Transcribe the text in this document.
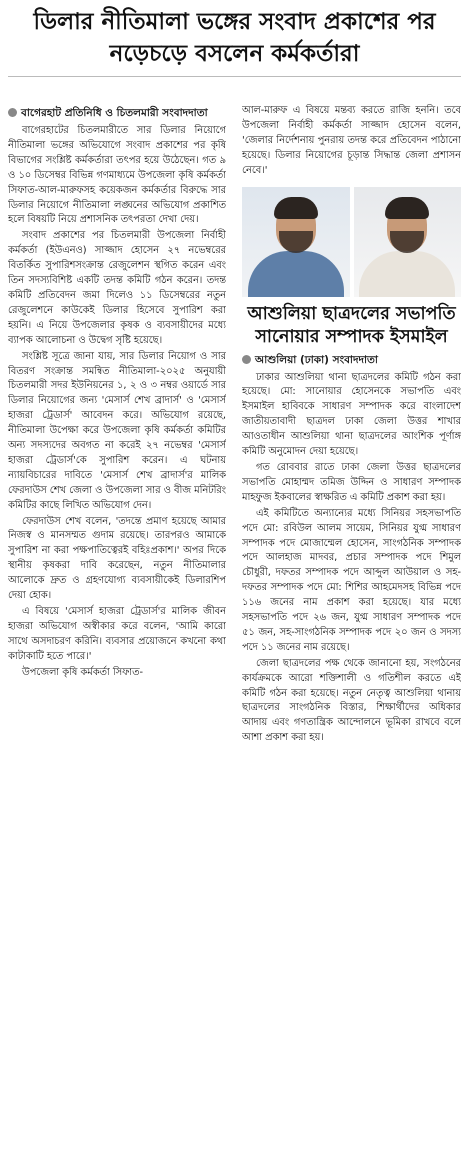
ডিলার নীতিমালা ভঙ্গের সংবাদ প্রকাশের পর নড়েচড়ে বসলেন কর্মকর্তারা
বাগেরহাট প্রতিনিধি ও চিতলমারী সংবাদদাতা

বাগেরহাটের চিতলমারীতে সার ডিলার নিয়োগে নীতিমালা ভঙ্গের অভিযোগে সংবাদ প্রকাশের পর কৃষি বিভাগের সংশ্লিষ্ট কর্মকর্তারা তৎপর হয়ে উঠেছেন। গত ৯ ও ১০ ডিসেম্বর বিভিন্ন গণমাধ্যমে উপজেলা কৃষি কর্মকর্তা সিফাত-আল-মারুফসহ কয়েকজন কর্মকর্তার বিরুদ্ধে সার ডিলার নিয়োগে নীতিমালা লঙ্ঘনের অভিযোগ প্রকাশিত হলে বিষয়টি নিয়ে প্রশাসনিক তৎপরতা দেখা দেয়।

সংবাদ প্রকাশের পর চিতলমারী উপজেলা নির্বাহী কর্মকর্তা (ইউএনও) সাজ্জাদ হোসেন ২৭ নভেম্বরের বিতর্কিত সুপারিশসংক্রান্ত রেজুলেশন স্থগিত করেন এবং তিন সদস্যবিশিষ্ট একটি তদন্ত কমিটি গঠন করেন। তদন্ত কমিটি প্রতিবেদন জমা দিলেও ১১ ডিসেম্বরের নতুন রেজুলেশনে কাউকেই ডিলার হিসেবে সুপারিশ করা হয়নি। এ নিয়ে উপজেলার কৃষক ও ব্যবসায়ীদের মধ্যে ব্যাপক আলোচনা ও উদ্বেগ সৃষ্টি হয়েছে।

সংশ্লিষ্ট সূত্রে জানা যায়, সার ডিলার নিয়োগ ও সার বিতরণ সংক্রান্ত সমন্বিত নীতিমালা-২০২৫ অনুযায়ী চিতলমারী সদর ইউনিয়নের ১, ২ ও ৩ নম্বর ওয়ার্ডে সার ডিলার নিয়োগের জন্য 'মেসার্স শেখ ব্রাদার্স' ও 'মেসার্স হাজরা ট্রেডার্স' আবেদন করে। অভিযোগ রয়েছে, নীতিমালা উপেক্ষা করে উপজেলা কৃষি কর্মকর্তা কমিটির অন্য সদস্যদের অবগত না করেই ২৭ নভেম্বর 'মেসার্স হাজরা ট্রেডার্স'কে সুপারিশ করেন। এ ঘটনায় ন্যায়বিচারের দাবিতে 'মেসার্স শেখ ব্রাদার্স'র মালিক ফেরদাউস শেখ জেলা ও উপজেলা সার ও বীজ মনিটরিং কমিটির কাছে লিখিত অভিযোগ দেন।

ফেরদাউস শেখ বলেন, 'তদন্তে প্রমাণ হয়েছে আমার নিজস্ব ও মানসম্মত গুদাম রয়েছে। তারপরও আমাকে সুপারিশ না করা পক্ষপাতিত্বেরই বহিঃপ্রকাশ।' অপর দিকে স্থানীয় কৃষকরা দাবি করেছেন, নতুন নীতিমালার আলোকে দ্রুত ও গ্রহণযোগ্য ব্যবসায়ীকেই ডিলারশিপ দেয়া হোক।

এ বিষয়ে 'মেসার্স হাজরা ট্রেডার্স'র মালিক জীবন হাজরা অভিযোগ অস্বীকার করে বলেন, 'আমি কারো সাথে অসদাচরণ করিনি। ব্যবসার প্রয়োজনে কখনো কথা কাটাকাটি হতে পারে।'

উপজেলা কৃষি কর্মকর্তা সিফাত-

আল-মারুফ এ বিষয়ে মন্তব্য করতে রাজি হননি। তবে উপজেলা নির্বাহী কর্মকর্তা সাজ্জাদ হোসেন বলেন, 'জেলার নির্দেশনায় পুনরায় তদন্ত করে প্রতিবেদন পাঠানো হয়েছে। ডিলার নিয়োগের চূড়ান্ত সিদ্ধান্ত জেলা প্রশাসন নেবে।'

আশুলিয়া ছাত্রদলের সভাপতি সানোয়ার সম্পাদক ইসমাইল
আশুলিয়া (ঢাকা) সংবাদদাতা

ঢাকার আশুলিয়া থানা ছাত্রদলের কমিটি গঠন করা হয়েছে। মো: সানোয়ার হোসেনকে সভাপতি এবং ইসমাইল হাবিবকে সাধারণ সম্পাদক করে বাংলাদেশ জাতীয়তাবাদী ছাত্রদল ঢাকা জেলা উত্তর শাখার আওতাধীন আশুলিয়া থানা ছাত্রদলের আংশিক পূর্ণাঙ্গ কমিটি অনুমোদন দেয়া হয়েছে।

গত রোববার রাতে ঢাকা জেলা উত্তর ছাত্রদলের সভাপতি মোহাম্মদ তমিজ উদ্দিন ও সাধারণ সম্পাদক মাহফুজ ইকবালের স্বাক্ষরিত এ কমিটি প্রকাশ করা হয়।

এই কমিটিতে অন্যান্যের মধ্যে সিনিয়র সহসভাপতি পদে মো: রবিউল আলম সায়েম, সিনিয়র যুগ্ম সাধারণ সম্পাদক পদে মোজাম্মেল হোসেন, সাংগঠনিক সম্পাদক পদে আলহাজ মাদবর, প্রচার সম্পাদক পদে শিমুল চৌধুরী, দফতর সম্পাদক পদে আব্দুল আউয়াল ও সহ-দফতর সম্পাদক পদে মো: শিশির আহমেদসহ বিভিন্ন পদে ১১৬ জনের নাম প্রকাশ করা হয়েছে। যার মধ্যে সহসভাপতি পদে ২৬ জন, যুগ্ম সাধারণ সম্পাদক পদে ৫১ জন, সহ-সাংগঠনিক সম্পাদক পদে ২০ জন ও সদস্য পদে ১১ জনের নাম রয়েছে।

জেলা ছাত্রদলের পক্ষ থেকে জানানো হয়, সংগঠনের কার্যক্রমকে আরো শক্তিশালী ও গতিশীল করতে এই কমিটি গঠন করা হয়েছে। নতুন নেতৃত্ব আশুলিয়া থানায় ছাত্রদলের সাংগঠনিক বিস্তার, শিক্ষার্থীদের অধিকার আদায় এবং গণতান্ত্রিক আন্দোলনে ভূমিকা রাখবে বলে আশা প্রকাশ করা হয়।
